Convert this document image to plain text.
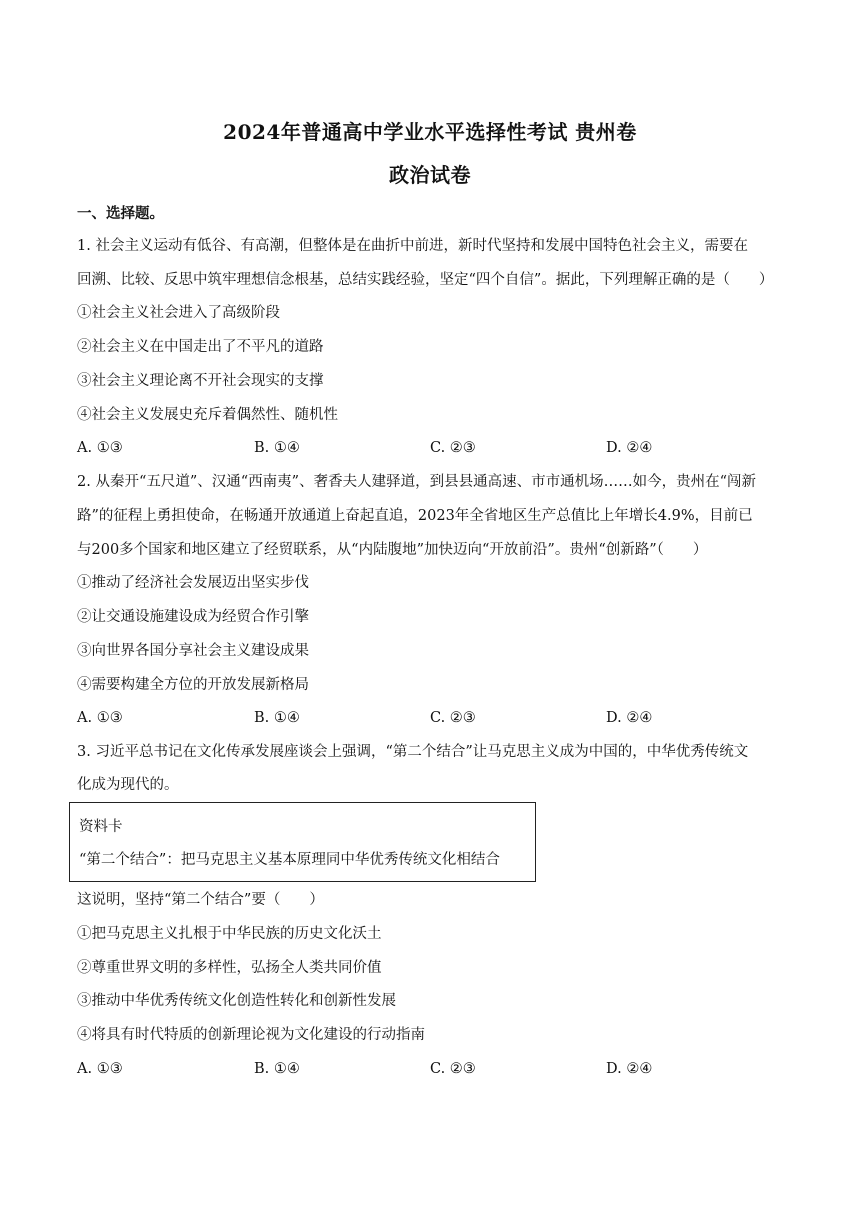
2024年普通高中学业水平选择性考试 贵州卷
政治试卷
一、选择题。
1. 社会主义运动有低谷、有高潮，但整体是在曲折中前进，新时代坚持和发展中国特色社会主义，需要在
回溯、比较、反思中筑牢理想信念根基，总结实践经验，坚定“四个自信”。据此，下列理解正确的是（　　）
①社会主义社会进入了高级阶段
②社会主义在中国走出了不平凡的道路
③社会主义理论离不开社会现实的支撑
④社会主义发展史充斥着偶然性、随机性
A. ①③	B. ①④	C. ②③	D. ②④
2. 从秦开“五尺道”、汉通“西南夷”、奢香夫人建驿道，到县县通高速、市市通机场……如今，贵州在“闯新
路”的征程上勇担使命，在畅通开放通道上奋起直追，2023年全省地区生产总值比上年增长4.9%，目前已
与200多个国家和地区建立了经贸联系，从“内陆腹地”加快迈向“开放前沿”。贵州“创新路”（　　）
①推动了经济社会发展迈出坚实步伐
②让交通设施建设成为经贸合作引擎
③向世界各国分享社会主义建设成果
④需要构建全方位的开放发展新格局
A. ①③	B. ①④	C. ②③	D. ②④
3. 习近平总书记在文化传承发展座谈会上强调，“第二个结合”让马克思主义成为中国的，中华优秀传统文
化成为现代的。
资料卡
“第二个结合”：把马克思主义基本原理同中华优秀传统文化相结合
这说明，坚持“第二个结合”要（　　）
①把马克思主义扎根于中华民族的历史文化沃土
②尊重世界文明的多样性，弘扬全人类共同价值
③推动中华优秀传统文化创造性转化和创新性发展
④将具有时代特质的创新理论视为文化建设的行动指南
A. ①③	B. ①④	C. ②③	D. ②④
